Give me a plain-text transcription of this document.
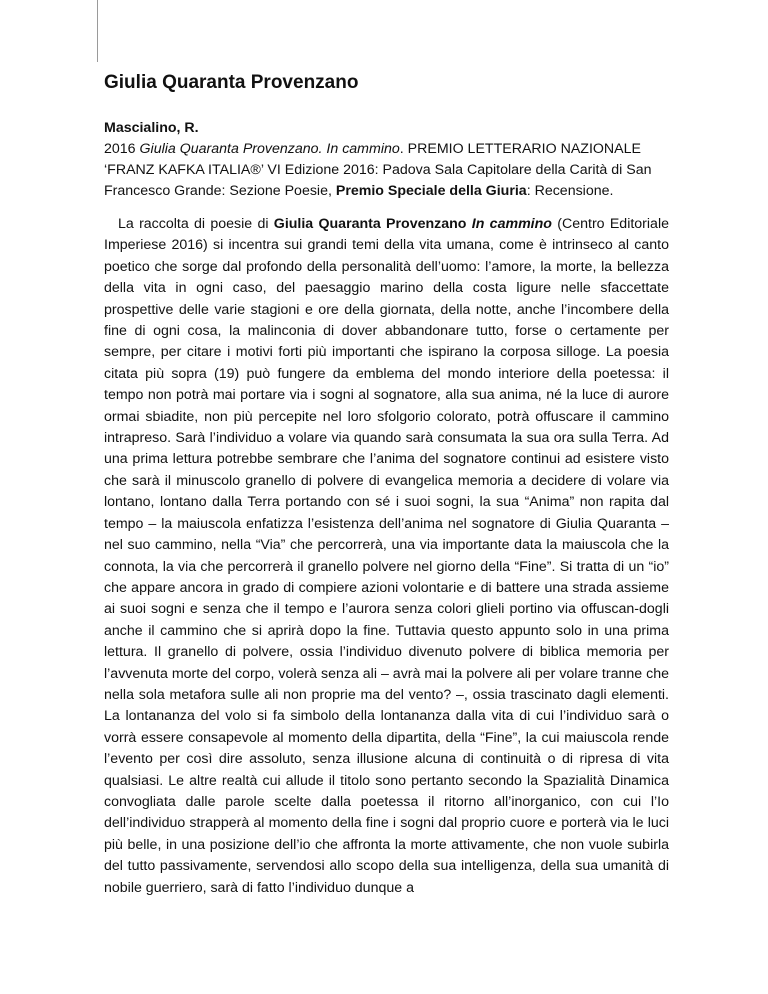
Giulia Quaranta Provenzano
Mascialino, R.

2016 Giulia Quaranta Provenzano. In cammino. PREMIO LETTERARIO NAZIONALE ‘FRANZ KAFKA ITALIA®’ VI Edizione 2016: Padova Sala Capitolare della Carità di San Francesco Grande: Sezione Poesie, Premio Speciale della Giuria: Recensione.

La raccolta di poesie di Giulia Quaranta Provenzano In cammino (Centro Editoriale Imperiese 2016) si incentra sui grandi temi della vita umana, come è intrinseco al canto poetico che sorge dal profondo della personalità dell’uomo: l’amore, la morte, la bellezza della vita in ogni caso, del paesaggio marino della costa ligure nelle sfaccettate prospettive delle varie stagioni e ore della giornata, della notte, anche l’incombere della fine di ogni cosa, la malinconia di dover abbandonare tutto, forse o certamente per sempre, per citare i motivi forti più importanti che ispirano la corposa silloge. La poesia citata più sopra (19) può fungere da emblema del mondo interiore della poetessa: il tempo non potrà mai portare via i sogni al sognatore, alla sua anima, né la luce di aurore ormai sbiadite, non più percepite nel loro sfolgorio colorato, potrà offuscare il cammino intrapreso. Sarà l’individuo a volare via quando sarà consumata la sua ora sulla Terra. Ad una prima lettura potrebbe sembrare che l’anima del sognatore continui ad esistere visto che sarà il minuscolo granello di polvere di evangelica memoria a decidere di volare via lontano, lontano dalla Terra portando con sé i suoi sogni, la sua “Anima” non rapita dal tempo – la maiuscola enfatizza l’esistenza dell’anima nel sognatore di Giulia Quaranta – nel suo cammino, nella “Via” che percorrerà, una via importante data la maiuscola che la connota, la via che percorrerà il granello polvere nel giorno della “Fine”. Si tratta di un “io” che appare ancora in grado di compiere azioni volontarie e di battere una strada assieme ai suoi sogni e senza che il tempo e l’aurora senza colori glieli portino via offuscan-dogli anche il cammino che si aprirà dopo la fine. Tuttavia questo appunto solo in una prima lettura. Il granello di polvere, ossia l’individuo divenuto polvere di biblica memoria per l’avvenuta morte del corpo, volerà senza ali – avrà mai la polvere ali per volare tranne che nella sola metafora sulle ali non proprie ma del vento? –, ossia trascinato dagli elementi. La lontananza del volo si fa simbolo della lontananza dalla vita di cui l’individuo sarà o vorrà essere consapevole al momento della dipartita, della “Fine”, la cui maiuscola rende l’evento per così dire assoluto, senza illusione alcuna di continuità o di ripresa di vita qualsiasi. Le altre realtà cui allude il titolo sono pertanto secondo la Spazialità Dinamica convogliata dalle parole scelte dalla poetessa il ritorno all’inorganico, con cui l’Io dell’individuo strapperà al momento della fine i sogni dal proprio cuore e porterà via le luci più belle, in una posizione dell’io che affronta la morte attivamente, che non vuole subirla del tutto passivamente, servendosi allo scopo della sua intelligenza, della sua umanità di nobile guerriero, sarà di fatto l’individuo dunque a
